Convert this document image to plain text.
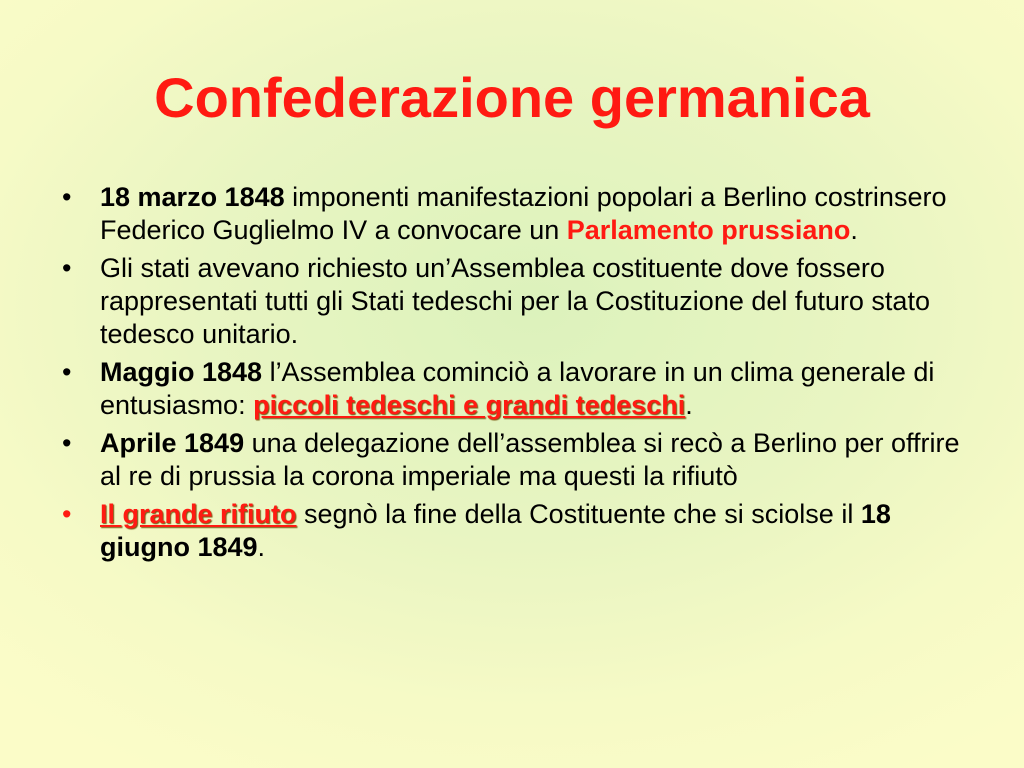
Confederazione germanica
•	18 marzo 1848 imponenti manifestazioni popolari a Berlino costrinsero Federico Guglielmo IV a convocare un Parlamento prussiano.
•	Gli stati avevano richiesto un’Assemblea costituente dove fossero rappresentati tutti gli Stati tedeschi per la Costituzione del futuro stato tedesco unitario.
•	Maggio 1848 l’Assemblea cominciò a lavorare in un clima generale di entusiasmo: piccoli tedeschi e grandi tedeschi.
•	Aprile 1849 una delegazione dell’assemblea si recò a Berlino per offrire al re di prussia la corona imperiale ma questi la rifiutò
•	Il grande rifiuto segnò la fine della Costituente che si sciolse il 18 giugno 1849.
